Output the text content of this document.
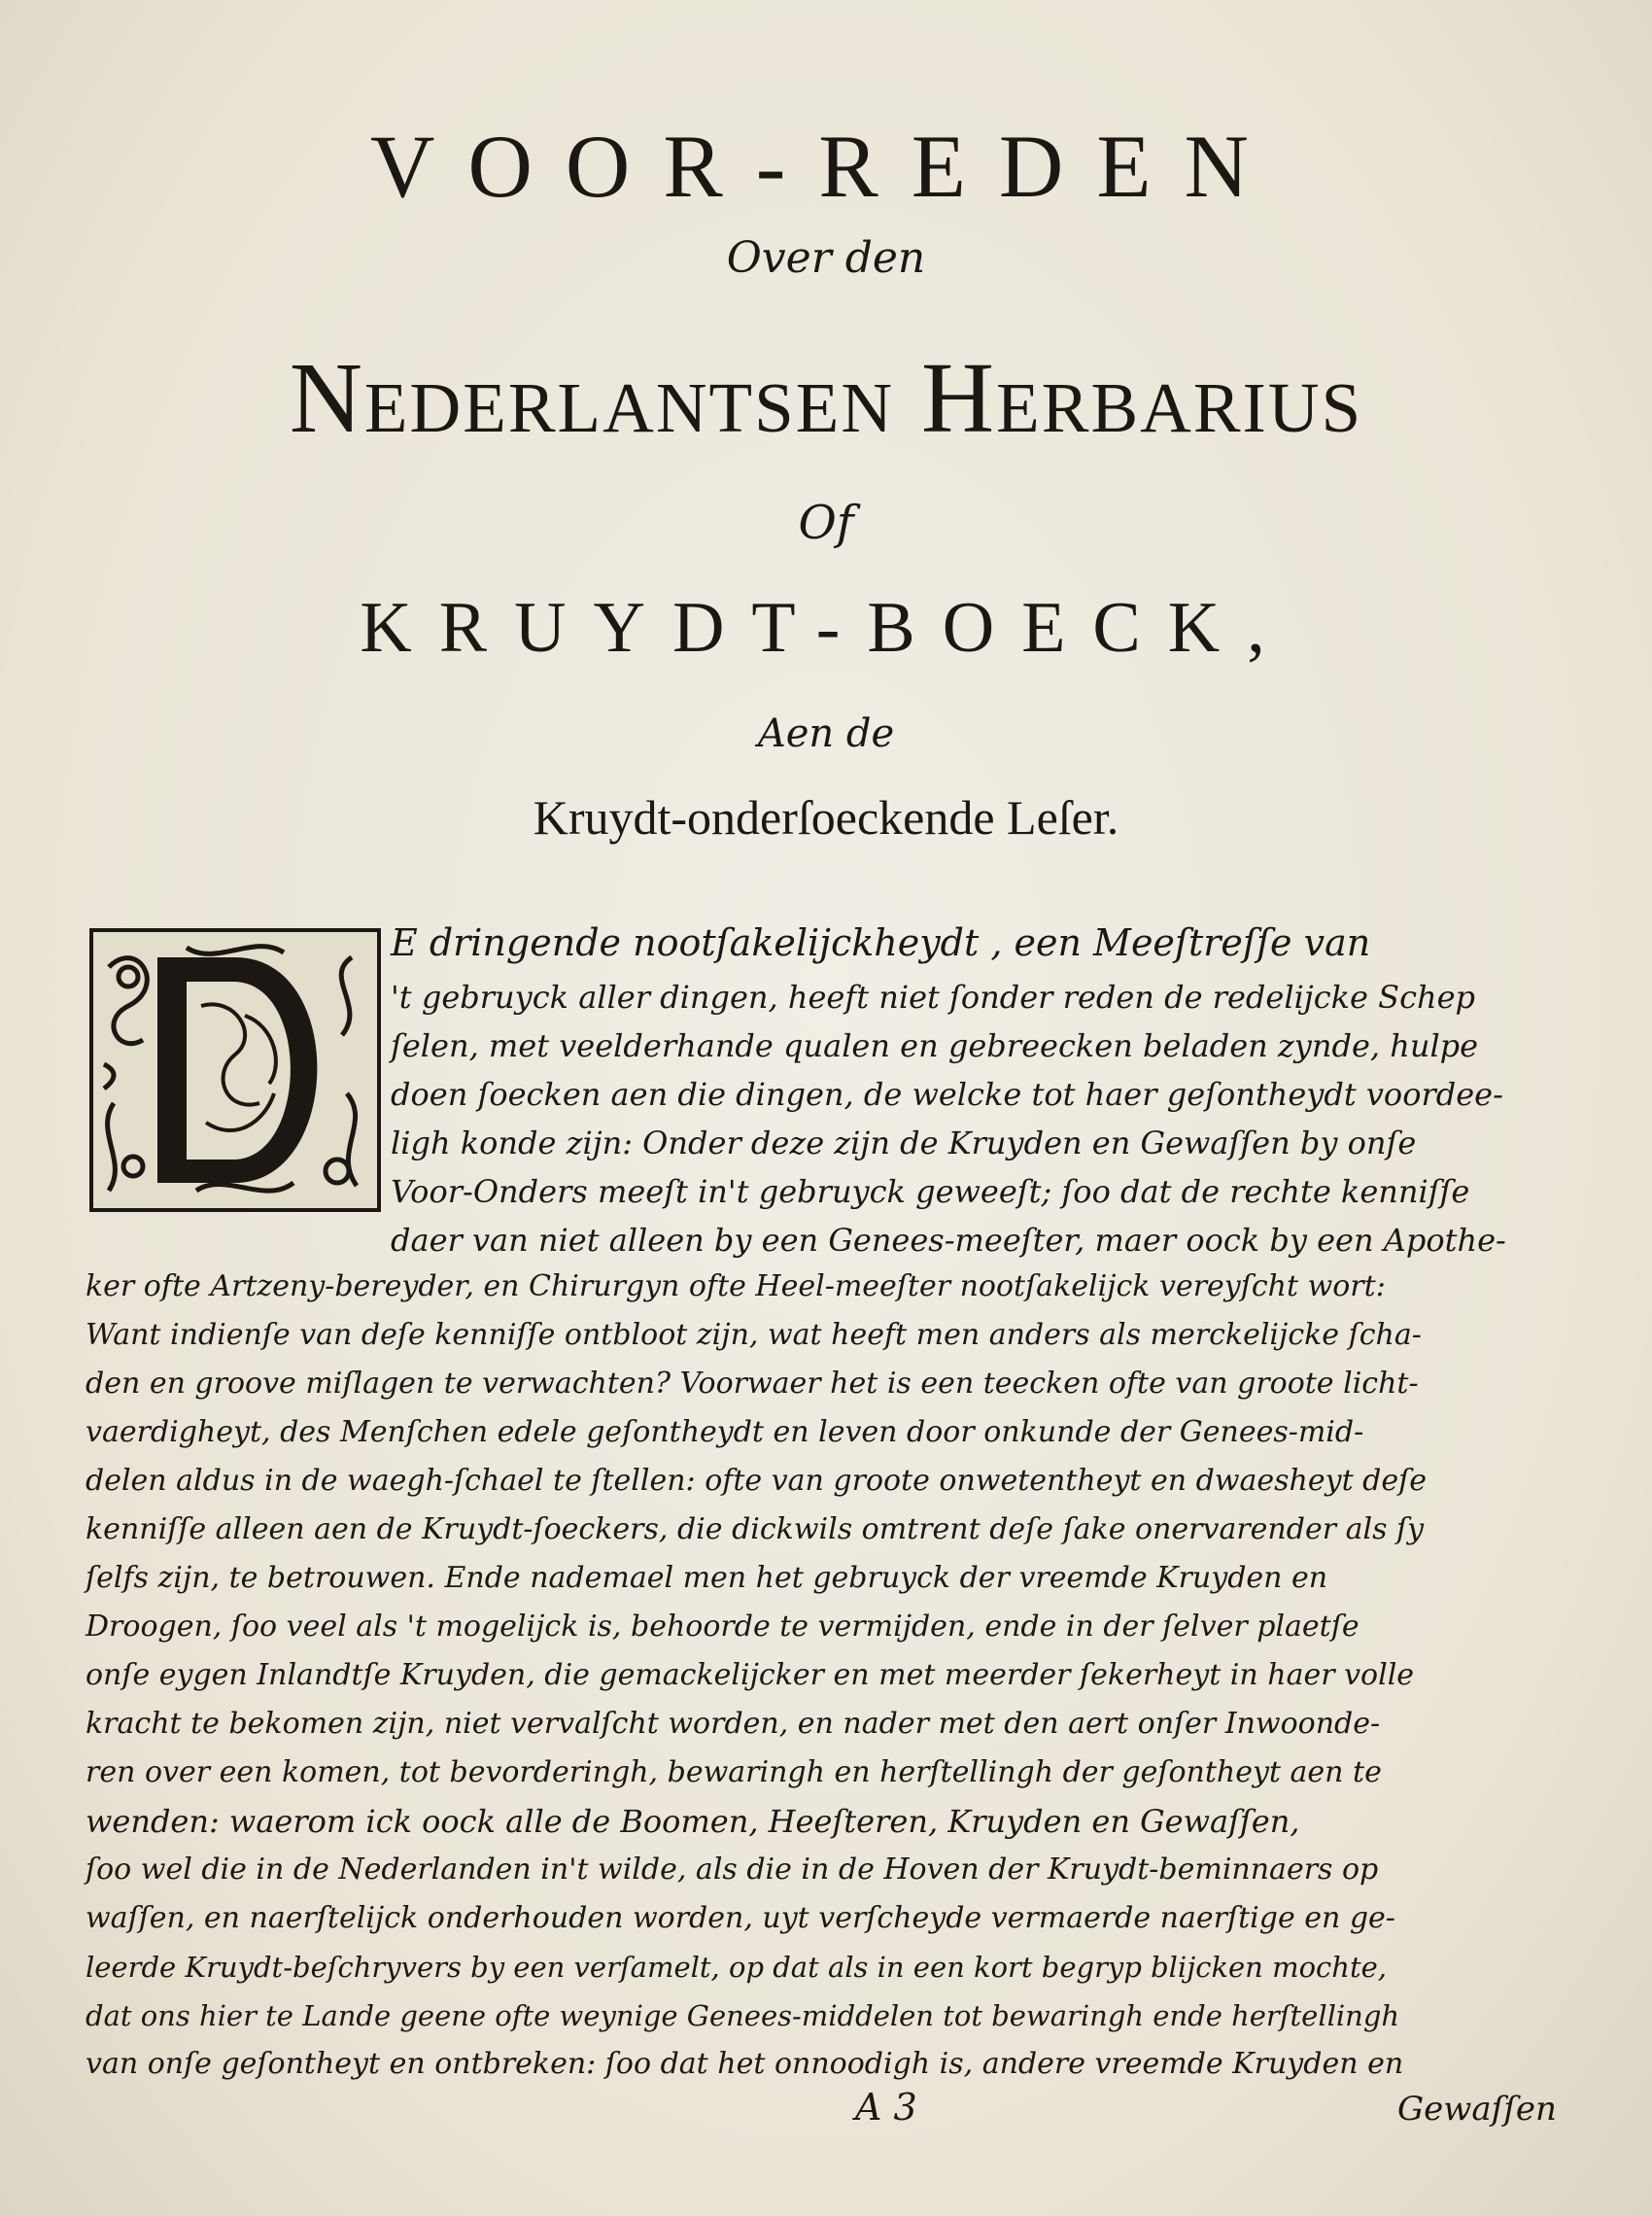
VOOR-REDEN
Over den
Nederlantsen Herbarius
Of
KRUYDT-BOECK,
Aen de
Kruydt-onderſoeckende Leſer.
E dringende nootſakelijckheydt , een Meeſtreſſe van
't gebruyck aller dingen, heeft niet ſonder reden de redelijcke Schep
ſelen, met veelderhande qualen en gebreecken beladen zynde, hulpe
doen ſoecken aen die dingen, de welcke tot haer geſontheydt voordee-
ligh konde zijn: Onder deze zijn de Kruyden en Gewaſſen by onſe
Voor-Onders meeſt in't gebruyck geweeſt; ſoo dat de rechte kenniſſe
daer van niet alleen by een Genees-meeſter, maer oock by een Apothe-
ker ofte Artzeny-bereyder, en Chirurgyn ofte Heel-meeſter nootſakelijck vereyſcht wort:
Want indienſe van deſe kenniſſe ontbloot zijn, wat heeft men anders als merckelijcke ſcha-
den en groove miſlagen te verwachten? Voorwaer het is een teecken ofte van groote licht-
vaerdigheyt, des Menſchen edele geſontheydt en leven door onkunde der Genees-mid-
delen aldus in de waegh-ſchael te ſtellen: ofte van groote onwetentheyt en dwaesheyt deſe
kenniſſe alleen aen de Kruydt-ſoeckers, die dickwils omtrent deſe ſake onervarender als ſy
ſelfs zijn, te betrouwen. Ende nademael men het gebruyck der vreemde Kruyden en
Droogen, ſoo veel als 't mogelijck is, behoorde te vermijden, ende in der ſelver plaetſe
onſe eygen Inlandtſe Kruyden, die gemackelijcker en met meerder ſekerheyt in haer volle
kracht te bekomen zijn, niet vervalſcht worden, en nader met den aert onſer Inwoonde-
ren over een komen, tot bevorderingh, bewaringh en herſtellingh der geſontheyt aen te
wenden: waerom ick oock alle de Boomen, Heeſteren, Kruyden en Gewaſſen,
ſoo wel die in de Nederlanden in't wilde, als die in de Hoven der Kruydt-beminnaers op
waſſen, en naerſtelijck onderhouden worden, uyt verſcheyde vermaerde naerſtige en ge-
leerde Kruydt-beſchryvers by een verſamelt, op dat als in een kort begryp blijcken mochte,
dat ons hier te Lande geene ofte weynige Genees-middelen tot bewaringh ende herſtellingh
van onſe geſontheyt en ontbreken: ſoo dat het onnoodigh is, andere vreemde Kruyden en
A 3	Gewaſſen
